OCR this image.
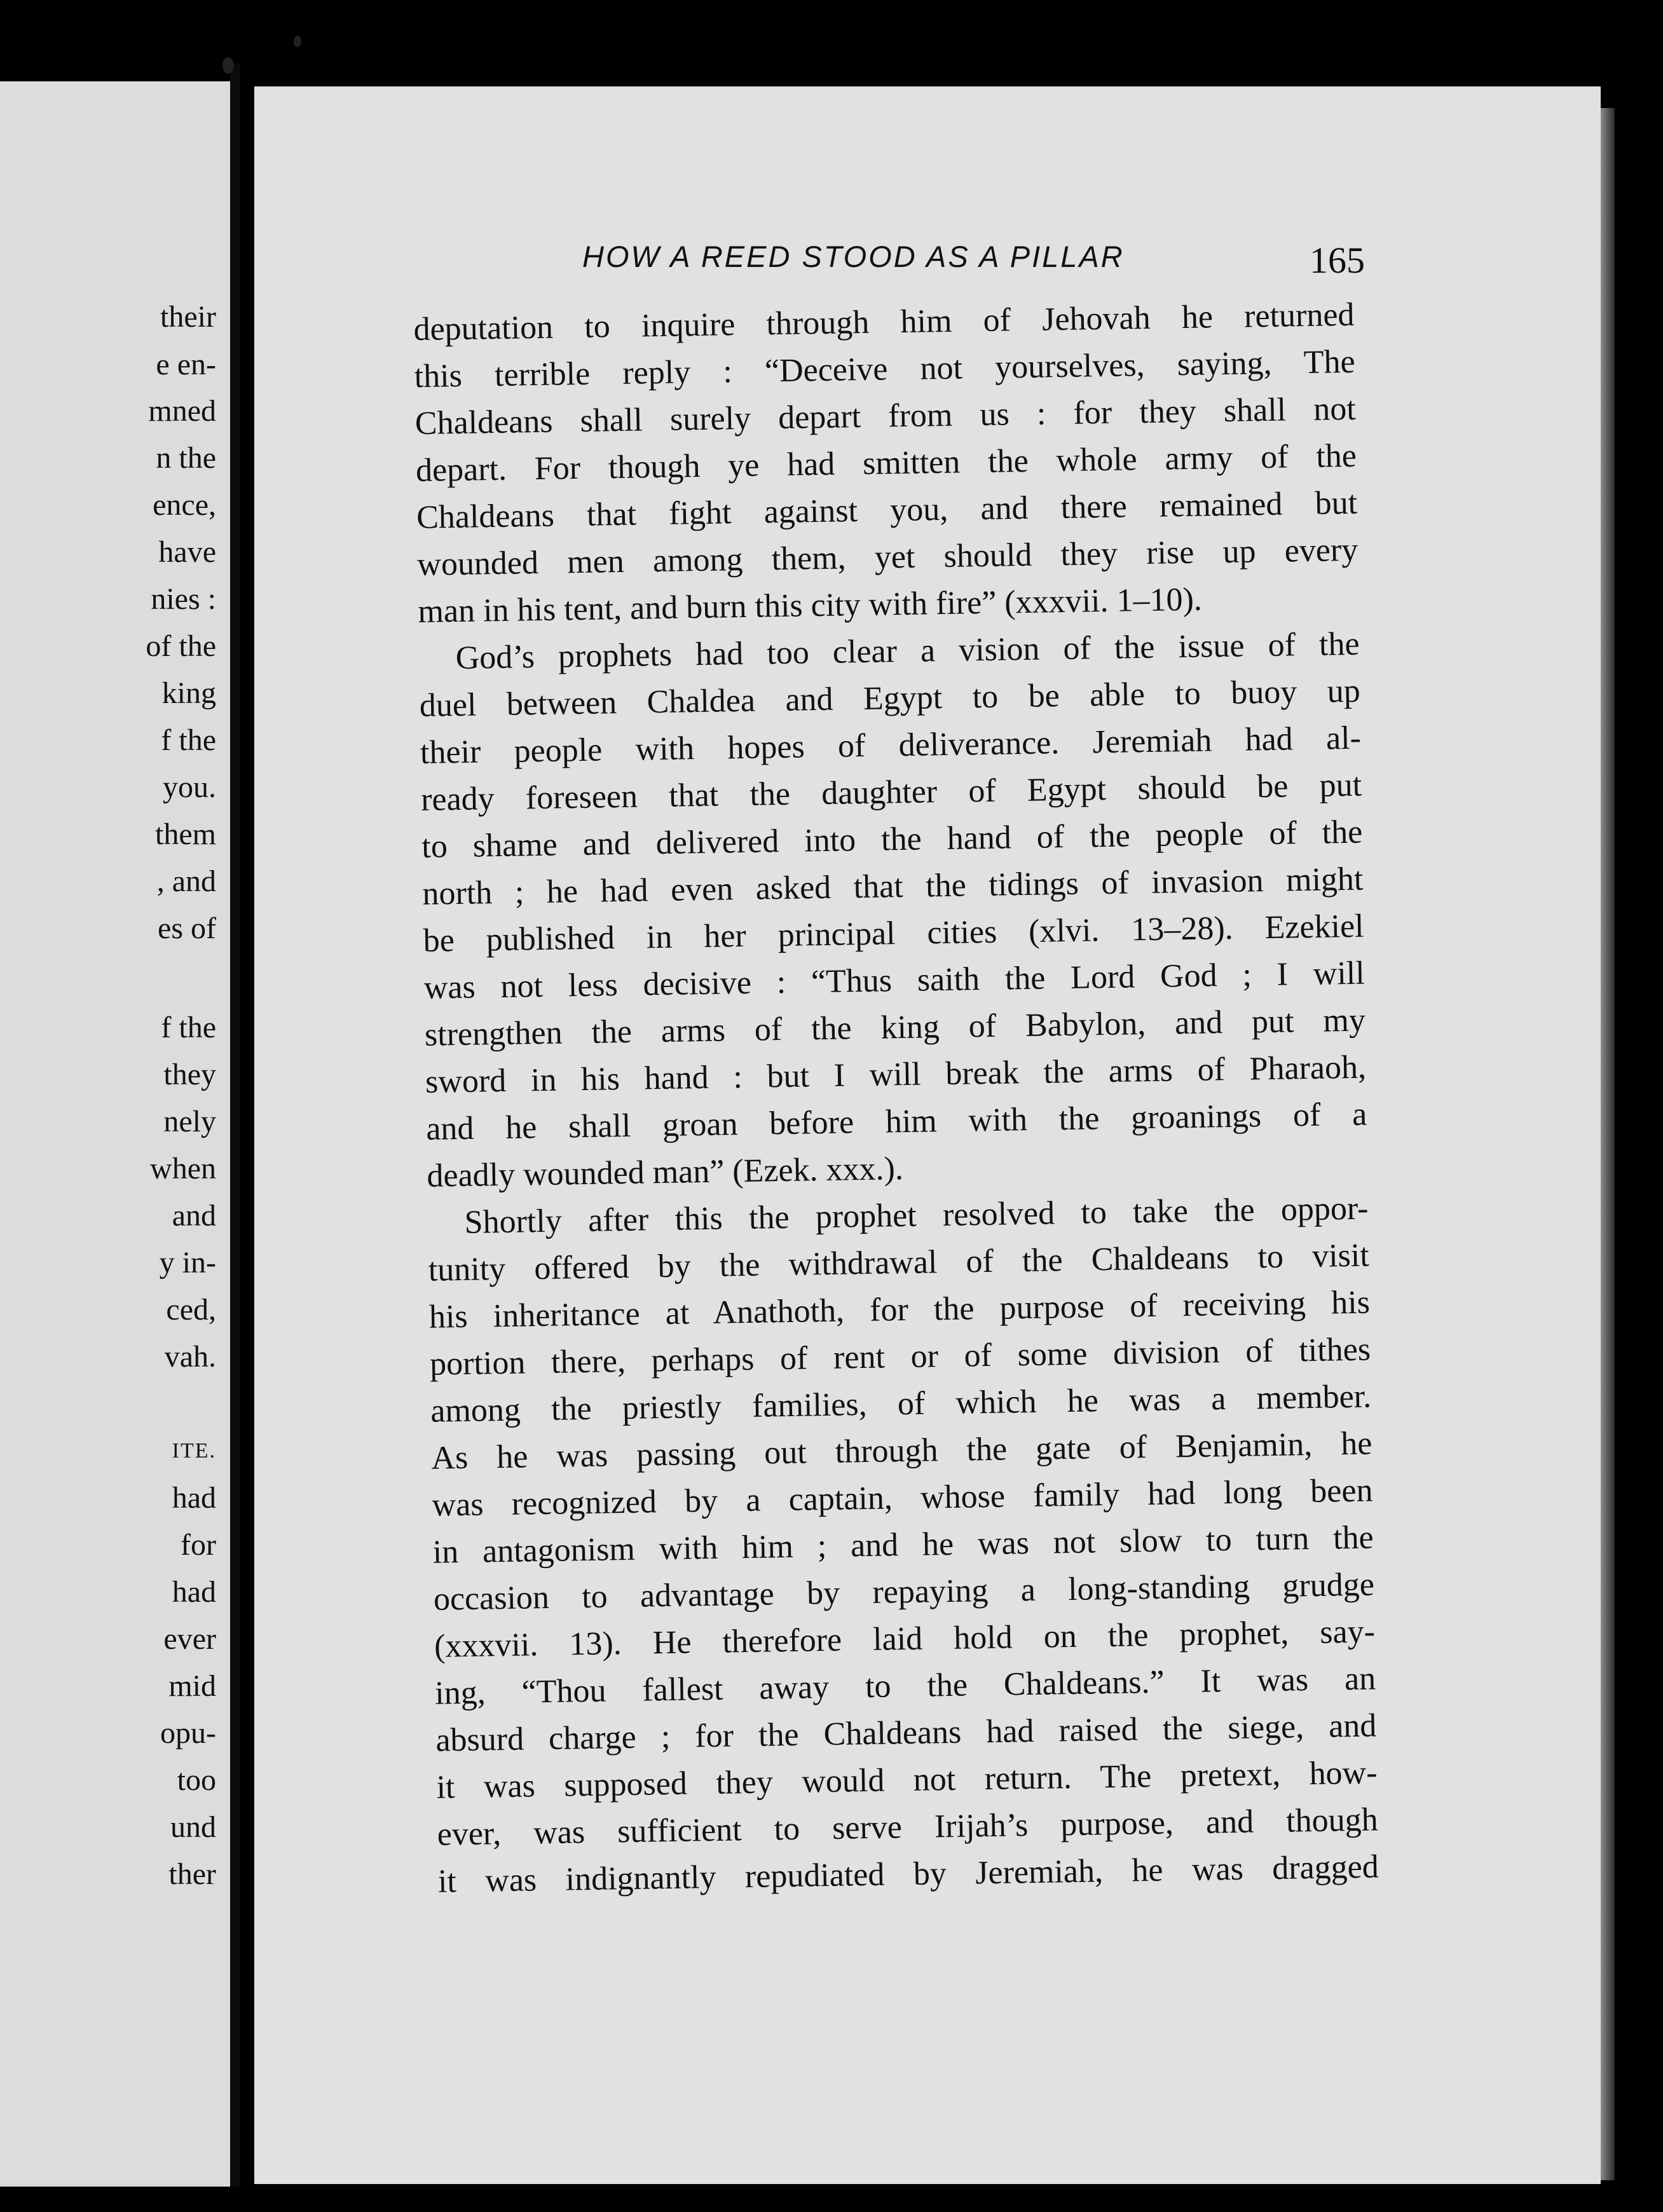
their
e en-
mned
n the
ence,
have
nies :
of the
king
f the
you.
them
, and
es of
f the
they
nely
when
and
y in-
ced,
vah.
ITE.
had
for
had
ever
mid
opu-
too
und
ther
HOW A REED STOOD AS A PILLAR	165
deputation to inquire through him of Jehovah he returned
this terrible reply : “Deceive not yourselves, saying, The
Chaldeans shall surely depart from us : for they shall not
depart. For though ye had smitten the whole army of the
Chaldeans that fight against you, and there remained but
wounded men among them, yet should they rise up every
man in his tent, and burn this city with fire” (xxxvii. 1–10).
God’s prophets had too clear a vision of the issue of the
duel between Chaldea and Egypt to be able to buoy up
their people with hopes of deliverance. Jeremiah had al-
ready foreseen that the daughter of Egypt should be put
to shame and delivered into the hand of the people of the
north ; he had even asked that the tidings of invasion might
be published in her principal cities (xlvi. 13–28). Ezekiel
was not less decisive : “Thus saith the Lord God ; I will
strengthen the arms of the king of Babylon, and put my
sword in his hand : but I will break the arms of Pharaoh,
and he shall groan before him with the groanings of a
deadly wounded man” (Ezek. xxx.).
Shortly after this the prophet resolved to take the oppor-
tunity offered by the withdrawal of the Chaldeans to visit
his inheritance at Anathoth, for the purpose of receiving his
portion there, perhaps of rent or of some division of tithes
among the priestly families, of which he was a member.
As he was passing out through the gate of Benjamin, he
was recognized by a captain, whose family had long been
in antagonism with him ; and he was not slow to turn the
occasion to advantage by repaying a long-standing grudge
(xxxvii. 13). He therefore laid hold on the prophet, say-
ing, “Thou fallest away to the Chaldeans.” It was an
absurd charge ; for the Chaldeans had raised the siege, and
it was supposed they would not return. The pretext, how-
ever, was sufficient to serve Irijah’s purpose, and though
it was indignantly repudiated by Jeremiah, he was dragged
